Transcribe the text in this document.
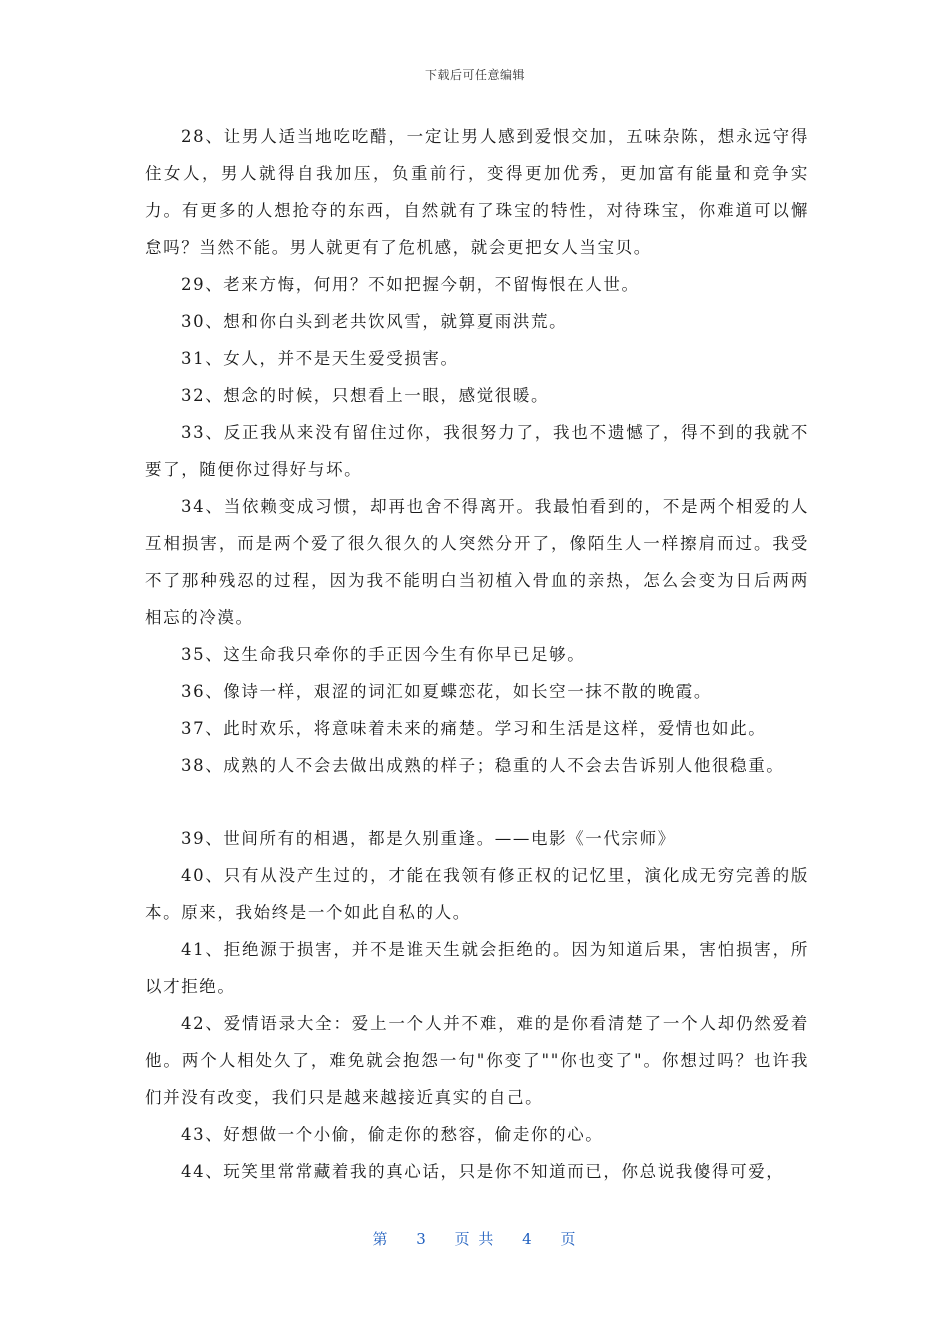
下载后可任意编辑

28、让男人适当地吃吃醋，一定让男人感到爱恨交加，五味杂陈，想永远守得住女人，男人就得自我加压，负重前行，变得更加优秀，更加富有能量和竞争实力。有更多的人想抢夺的东西，自然就有了珠宝的特性，对待珠宝，你难道可以懈怠吗？当然不能。男人就更有了危机感，就会更把女人当宝贝。

29、老来方悔，何用？不如把握今朝，不留悔恨在人世。

30、想和你白头到老共饮风雪，就算夏雨洪荒。

31、女人，并不是天生爱受损害。

32、想念的时候，只想看上一眼，感觉很暖。

33、反正我从来没有留住过你，我很努力了，我也不遗憾了，得不到的我就不要了，随便你过得好与坏。

34、当依赖变成习惯，却再也舍不得离开。我最怕看到的，不是两个相爱的人互相损害，而是两个爱了很久很久的人突然分开了，像陌生人一样擦肩而过。我受不了那种残忍的过程，因为我不能明白当初植入骨血的亲热，怎么会变为日后两两相忘的冷漠。

35、这生命我只牵你的手正因今生有你早已足够。

36、像诗一样，艰涩的词汇如夏蝶恋花，如长空一抹不散的晚霞。

37、此时欢乐，将意味着未来的痛楚。学习和生活是这样，爱情也如此。

38、成熟的人不会去做出成熟的样子；稳重的人不会去告诉别人他很稳重。

39、世间所有的相遇，都是久别重逢。——电影《一代宗师》

40、只有从没产生过的，才能在我领有修正权的记忆里，演化成无穷完善的版本。原来，我始终是一个如此自私的人。

41、拒绝源于损害，并不是谁天生就会拒绝的。因为知道后果，害怕损害，所以才拒绝。

42、爱情语录大全：爱上一个人并不难，难的是你看清楚了一个人却仍然爱着他。两个人相处久了，难免就会抱怨一句"你变了""你也变了"。你想过吗？也许我们并没有改变，我们只是越来越接近真实的自己。

43、好想做一个小偷，偷走你的愁容，偷走你的心。

44、玩笑里常常藏着我的真心话，只是你不知道而已，你总说我傻得可爱，

第 3 页 共 4 页
